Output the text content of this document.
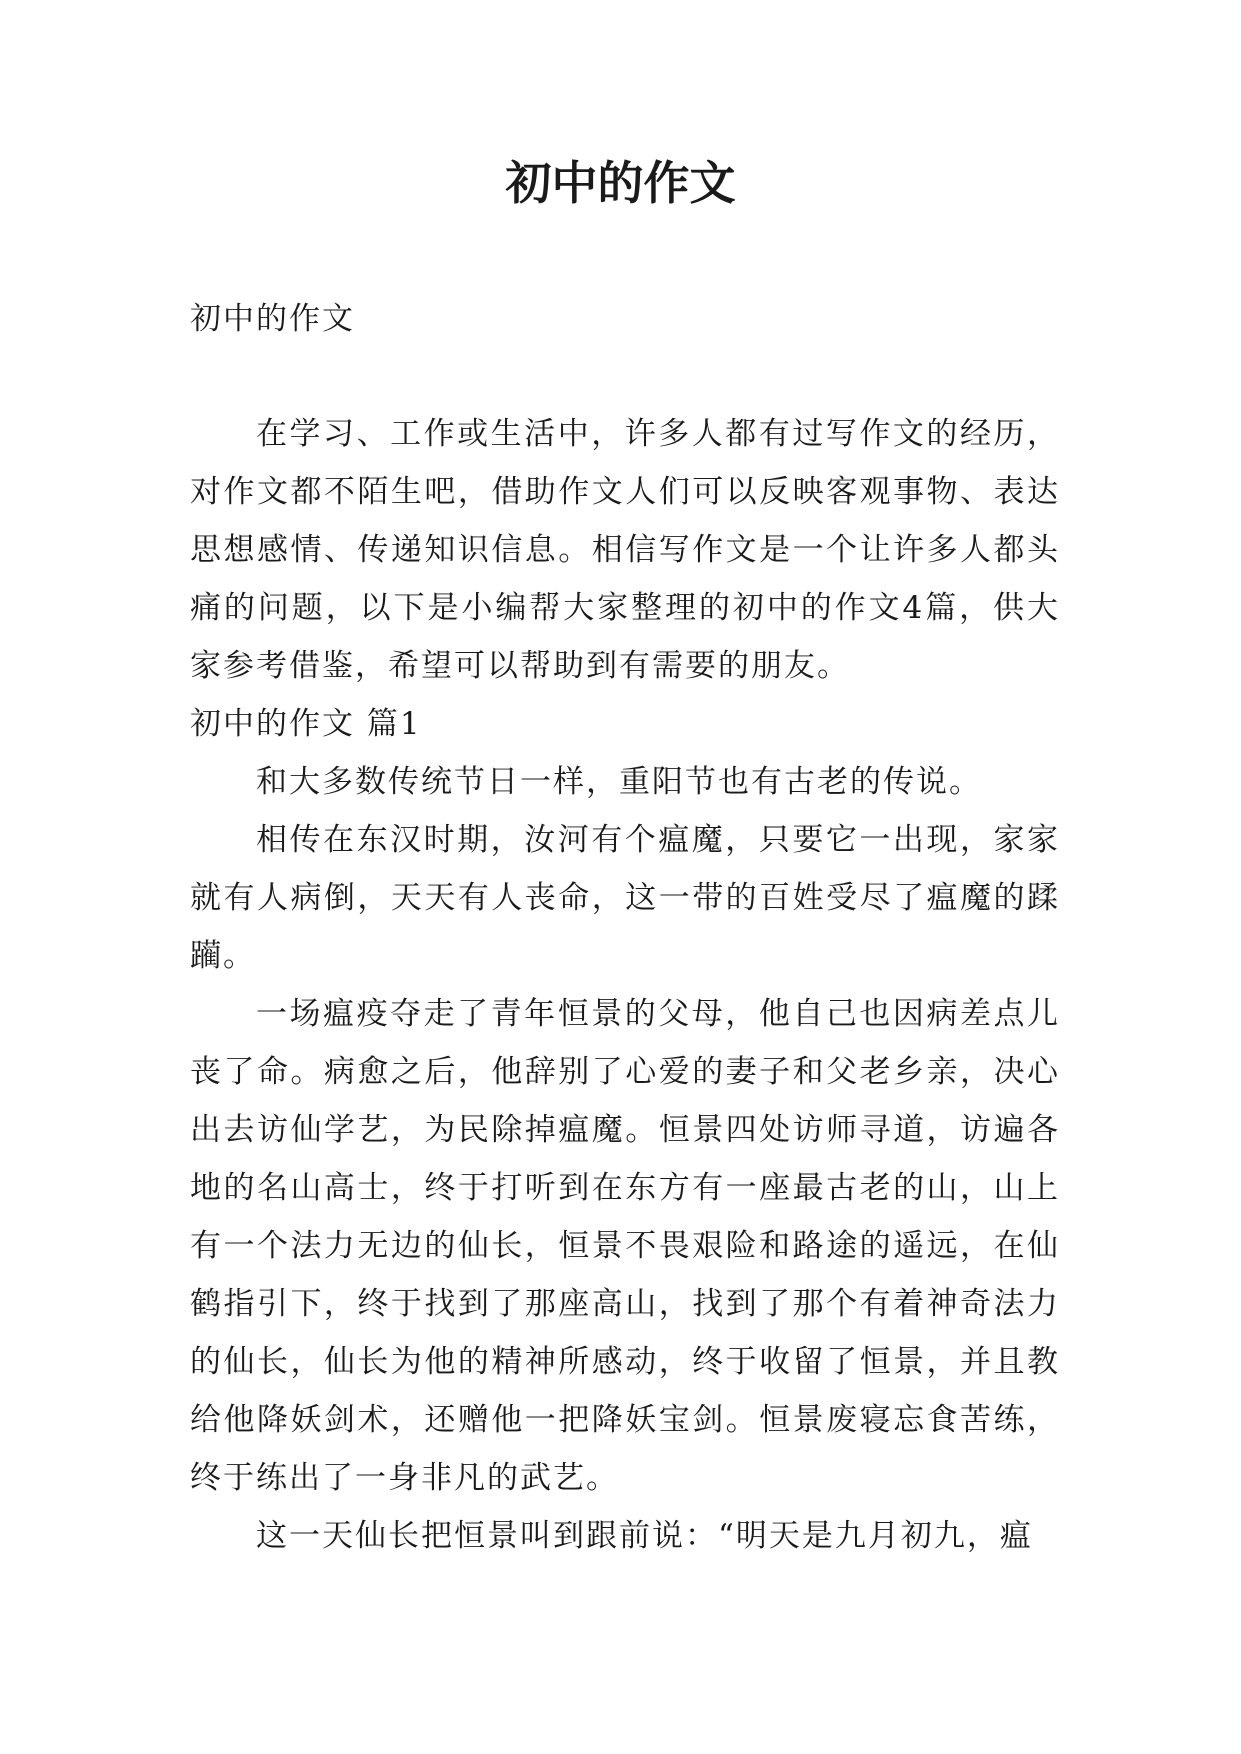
初中的作文

初中的作文

在学习、工作或生活中，许多人都有过写作文的经历，对作文都不陌生吧，借助作文人们可以反映客观事物、表达思想感情、传递知识信息。相信写作文是一个让许多人都头痛的问题，以下是小编帮大家整理的初中的作文4篇，供大家参考借鉴，希望可以帮助到有需要的朋友。

初中的作文 篇1

和大多数传统节日一样，重阳节也有古老的传说。

相传在东汉时期，汝河有个瘟魔，只要它一出现，家家就有人病倒，天天有人丧命，这一带的百姓受尽了瘟魔的蹂躏。

一场瘟疫夺走了青年恒景的父母，他自己也因病差点儿丧了命。病愈之后，他辞别了心爱的妻子和父老乡亲，决心出去访仙学艺，为民除掉瘟魔。恒景四处访师寻道，访遍各地的名山高士，终于打听到在东方有一座最古老的山，山上有一个法力无边的仙长，恒景不畏艰险和路途的遥远，在仙鹤指引下，终于找到了那座高山，找到了那个有着神奇法力的仙长，仙长为他的精神所感动，终于收留了恒景，并且教给他降妖剑术，还赠他一把降妖宝剑。恒景废寝忘食苦练，终于练出了一身非凡的武艺。

这一天仙长把恒景叫到跟前说：“明天是九月初九，瘟
